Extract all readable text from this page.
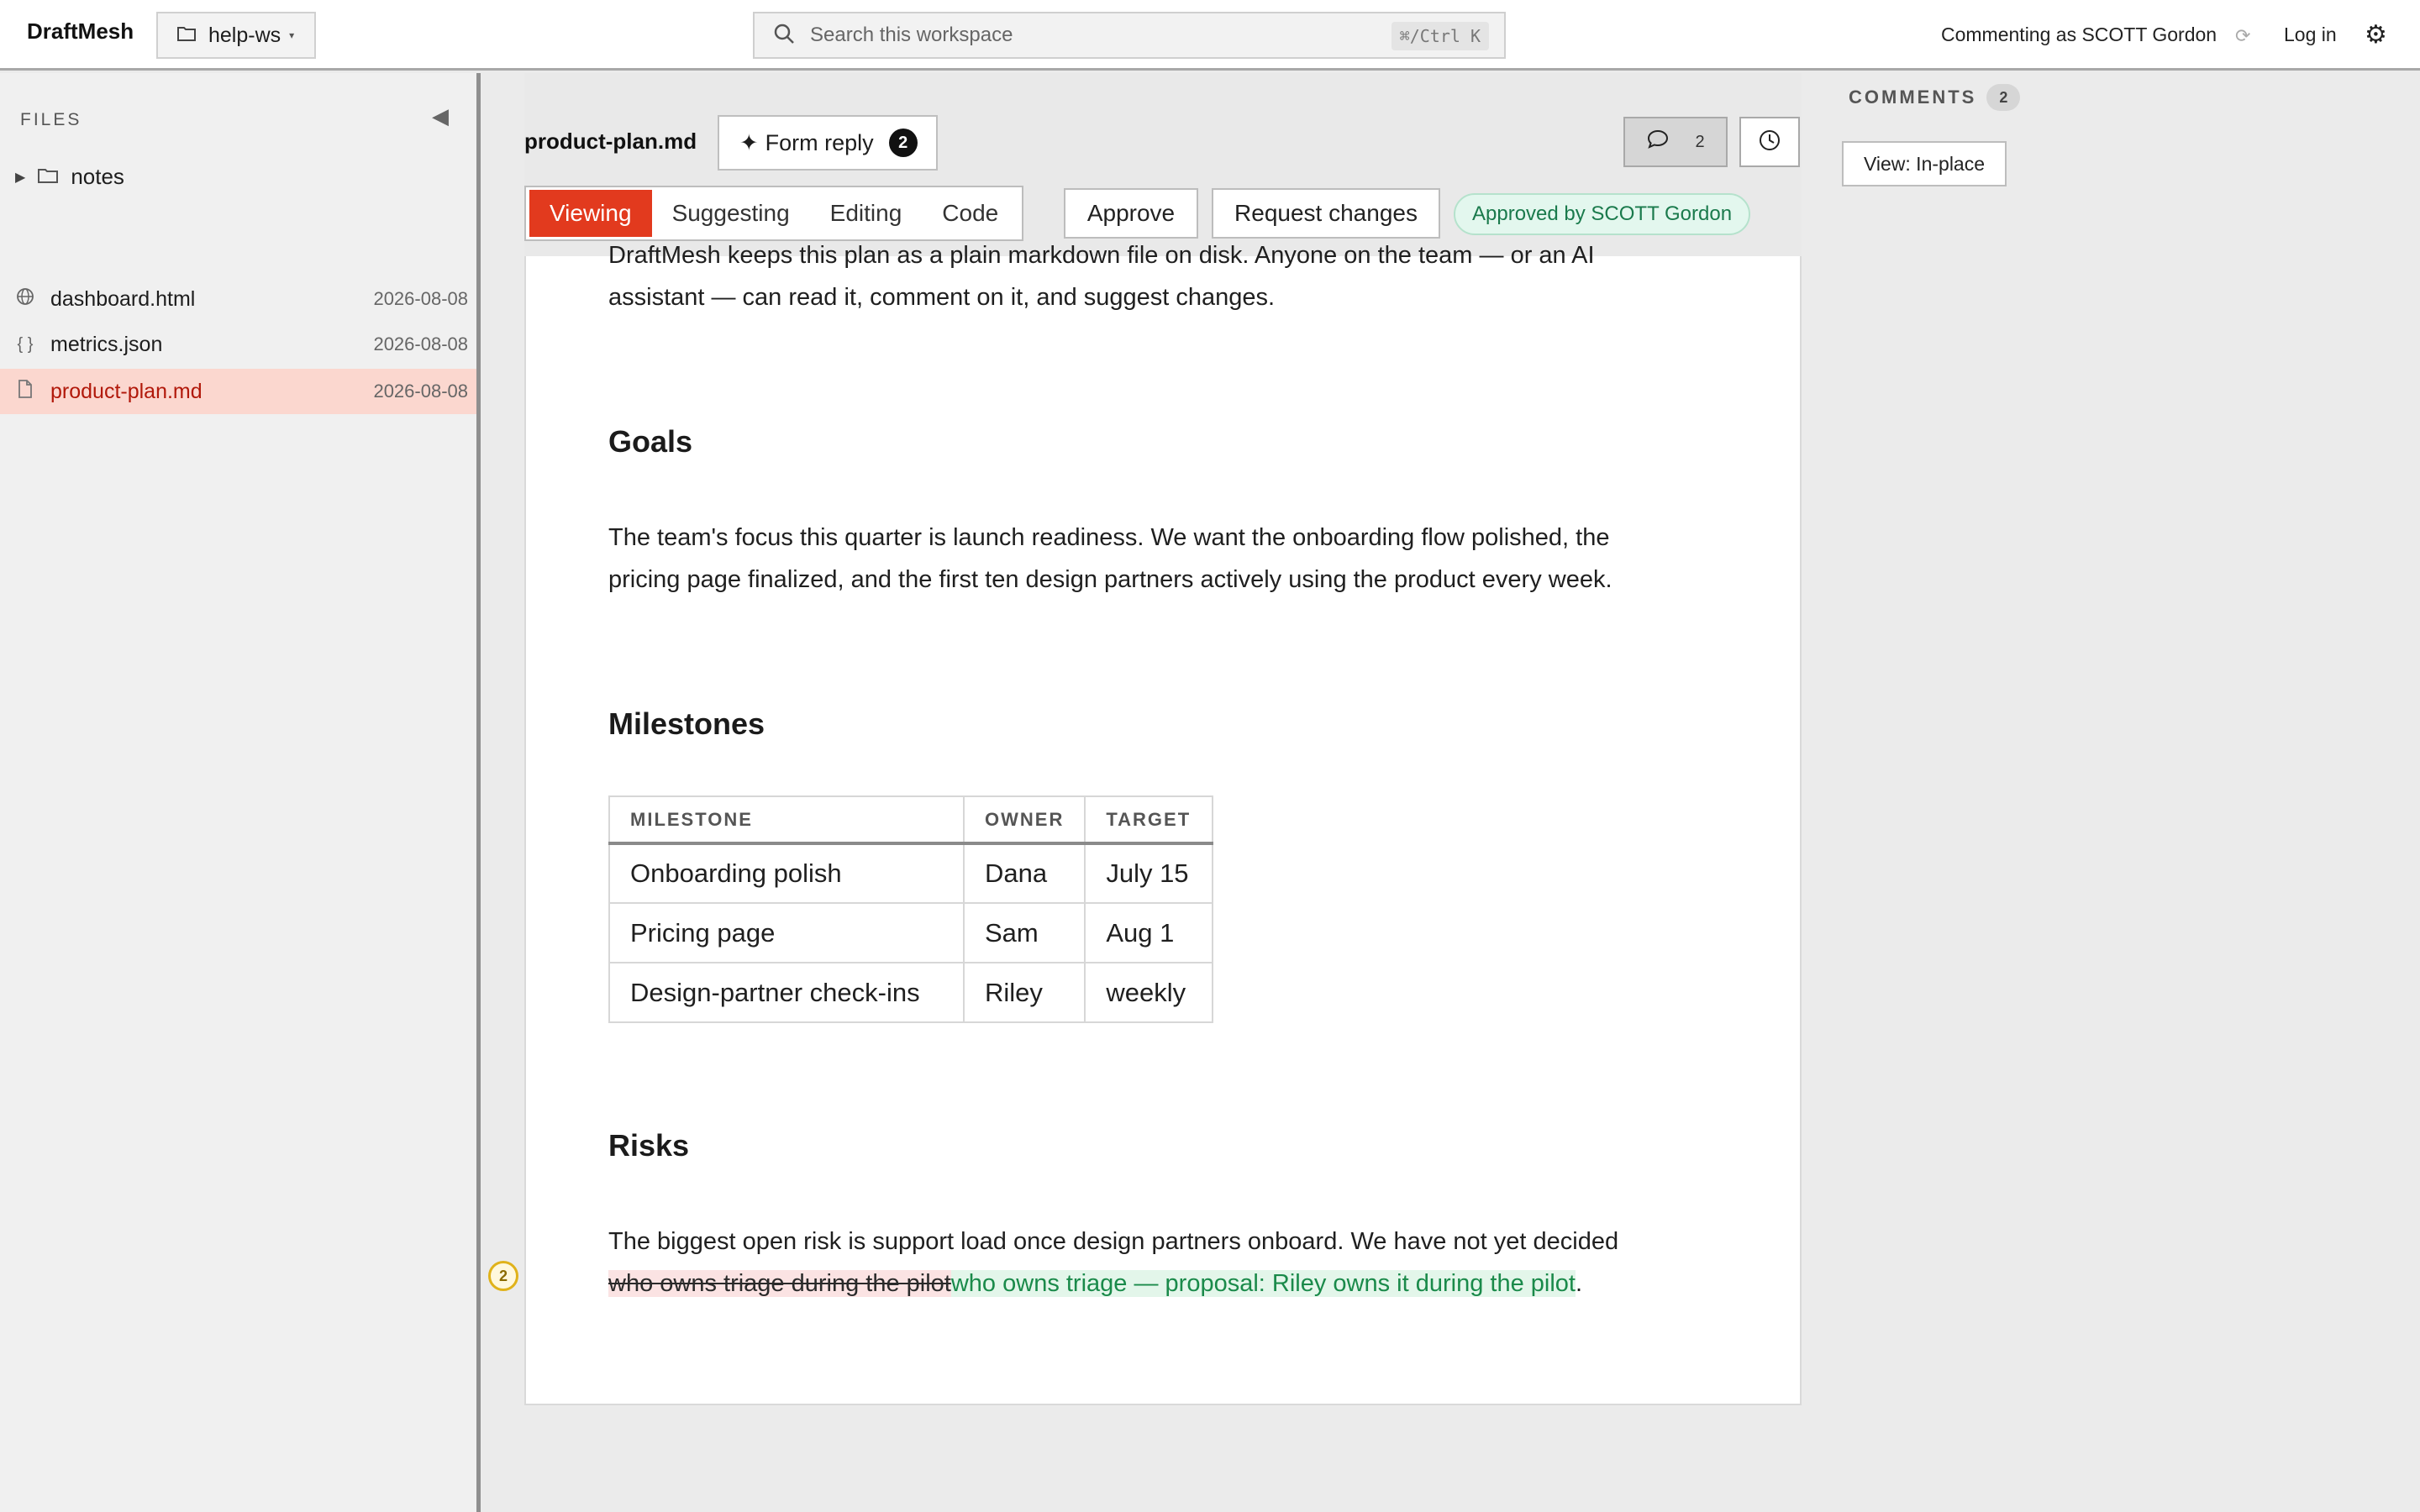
DraftMesh	help-ws ▾	Search this workspace	⌘/Ctrl K	Commenting as SCOTT Gordon ⟳ Log in ⚙
FILES	◀
▶ notes
dashboard.html	2026-08-08
{ } metrics.json	2026-08-08
product-plan.md	2026-08-08
product-plan.md ✦ Form reply	2	2
Viewing	Suggesting	Editing	Code	Approve	Request changes	Approved by SCOTT Gordon
DraftMesh keeps this plan as a plain markdown file on disk. Anyone on the team — or an AI
assistant — can read it, comment on it, and suggest changes.
Goals
The team's focus this quarter is launch readiness. We want the onboarding flow polished, the
pricing page finalized, and the first ten design partners actively using the product every week.
Milestones
MILESTONE	OWNER	TARGET
Onboarding polish	Dana	July 15
Pricing page	Sam	Aug 1
Design-partner check-ins	Riley	weekly
Risks
The biggest open risk is support load once design partners onboard. We have not yet decided
who owns triage during the pilotwho owns triage — proposal: Riley owns it during the pilot.
2
COMMENTS	2
View: In-place
